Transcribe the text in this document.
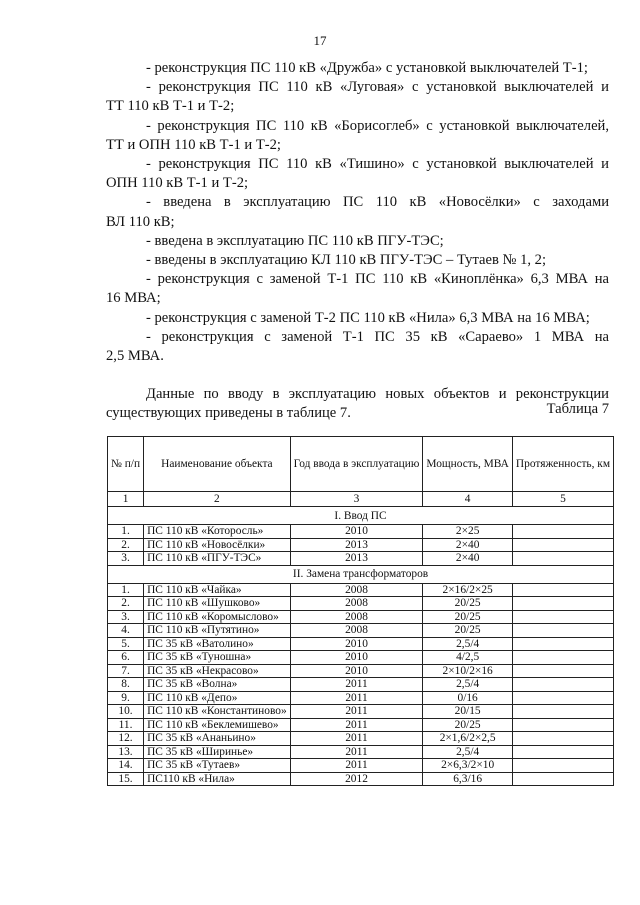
17
- реконструкция ПС 110 кВ «Дружба» с установкой выключателей Т-1;
- реконструкция ПС 110 кВ «Луговая» с установкой выключателей и
ТТ 110 кВ Т-1 и Т-2;
- реконструкция ПС 110 кВ «Борисоглеб» с установкой выключателей,
ТТ и ОПН 110 кВ Т-1 и Т-2;
- реконструкция ПС 110 кВ «Тишино» с установкой выключателей и
ОПН 110 кВ Т-1 и Т-2;
- введена в эксплуатацию ПС 110 кВ «Новосёлки» с заходами
ВЛ 110 кВ;
- введена в эксплуатацию ПС 110 кВ ПГУ-ТЭС;
- введены в эксплуатацию КЛ 110 кВ ПГУ-ТЭС – Тутаев № 1, 2;
- реконструкция с заменой Т-1 ПС 110 кВ «Киноплёнка» 6,3 МВА на
16 МВА;
- реконструкция с заменой Т-2 ПС 110 кВ «Нила» 6,3 МВА на 16 МВА;
- реконструкция с заменой Т-1 ПС 35 кВ «Сараево» 1 МВА на
2,5 МВА.
Данные по вводу в эксплуатацию новых объектов и реконструкции
существующих приведены в таблице 7.	Таблица 7
№ п/п	Наименование объекта	Год ввода в эксплуатацию	Мощность, МВА	Протяженность, км
1	2	3	4	5
I. Ввод ПС				
1.	ПС 110 кВ «Которосль»	2010	2×25	
2.	ПС 110 кВ «Новосёлки»	2013	2×40	
3.	ПС 110 кВ «ПГУ-ТЭС»	2013	2×40	
II. Замена трансформаторов				
1.	ПС 110 кВ «Чайка»	2008	2×16/2×25	
2.	ПС 110 кВ «Шушково»	2008	20/25	
3.	ПС 110 кВ «Коромыслово»	2008	20/25	
4.	ПС 110 кВ «Путятино»	2008	20/25	
5.	ПС 35 кВ «Ватолино»	2010	2,5/4	
6.	ПС 35 кВ «Туношна»	2010	4/2,5	
7.	ПС 35 кВ «Некрасово»	2010	2×10/2×16	
8.	ПС 35 кВ «Волна»	2011	2,5/4	
9.	ПС 110 кВ «Депо»	2011	0/16	
10.	ПС 110 кВ «Константиново»	2011	20/15	
11.	ПС 110 кВ «Беклемишево»	2011	20/25	
12.	ПС 35 кВ «Ананьино»	2011	2×1,6/2×2,5	
13.	ПС 35 кВ «Ширинье»	2011	2,5/4	
14.	ПС 35 кВ «Тутаев»	2011	2×6,3/2×10	
15.	ПС110 кВ «Нила»	2012	6,3/16	
